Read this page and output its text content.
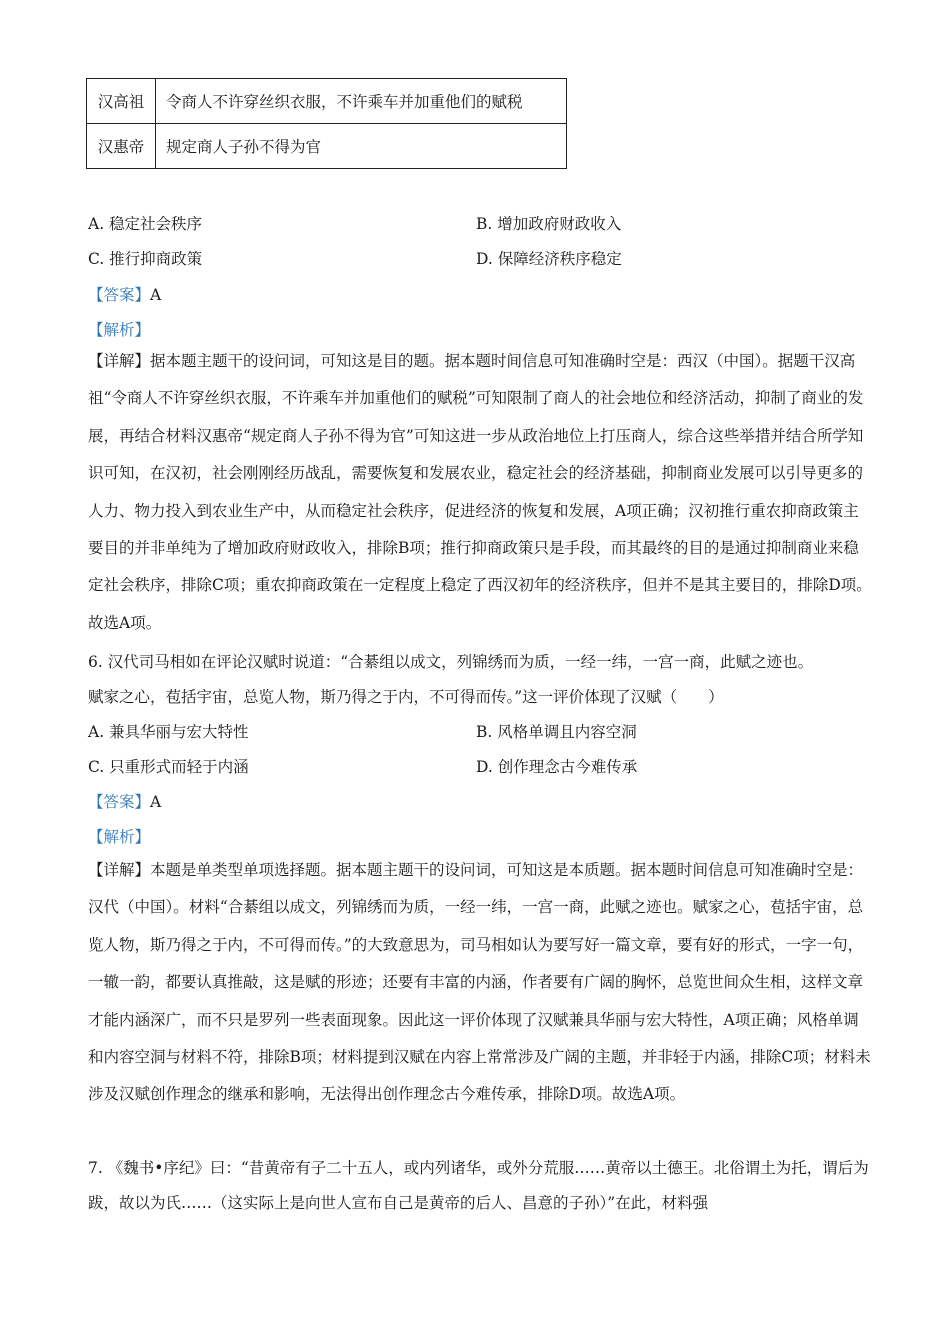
汉高祖	令商人不许穿丝织衣服，不许乘车并加重他们的赋税
汉惠帝	规定商人子孙不得为官
A. 稳定社会秩序	B. 增加政府财政收入
C. 推行抑商政策	D. 保障经济秩序稳定
【答案】A
【解析】
【详解】据本题主题干的设问词，可知这是目的题。据本题时间信息可知准确时空是：西汉（中国）。据题干汉高祖“令商人不许穿丝织衣服，不许乘车并加重他们的赋税”可知限制了商人的社会地位和经济活动，抑制了商业的发展，再结合材料汉惠帝“规定商人子孙不得为官”可知这进一步从政治地位上打压商人，综合这些举措并结合所学知识可知，在汉初，社会刚刚经历战乱，需要恢复和发展农业，稳定社会的经济基础，抑制商业发展可以引导更多的人力、物力投入到农业生产中，从而稳定社会秩序，促进经济的恢复和发展，A项正确；汉初推行重农抑商政策主要目的并非单纯为了增加政府财政收入，排除B项；推行抑商政策只是手段，而其最终的目的是通过抑制商业来稳定社会秩序，排除C项；重农抑商政策在一定程度上稳定了西汉初年的经济秩序，但并不是其主要目的，排除D项。故选A项。
6. 汉代司马相如在评论汉赋时说道：“合綦组以成文，列锦绣而为质，一经一纬，一宫一商，此赋之迹也。
赋家之心，苞括宇宙，总览人物，斯乃得之于内，不可得而传。”这一评价体现了汉赋（　　）
A. 兼具华丽与宏大特性	B. 风格单调且内容空洞
C. 只重形式而轻于内涵	D. 创作理念古今难传承
【答案】A
【解析】
【详解】本题是单类型单项选择题。据本题主题干的设问词，可知这是本质题。据本题时间信息可知准确时空是：汉代（中国）。材料“合綦组以成文，列锦绣而为质，一经一纬，一宫一商，此赋之迹也。赋家之心，苞括宇宙，总览人物，斯乃得之于内，不可得而传。”的大致意思为，司马相如认为要写好一篇文章，要有好的形式，一字一句，一辙一韵，都要认真推敲，这是赋的形迹；还要有丰富的内涵，作者要有广阔的胸怀，总览世间众生相，这样文章才能内涵深广，而不只是罗列一些表面现象。因此这一评价体现了汉赋兼具华丽与宏大特性，A项正确；风格单调和内容空洞与材料不符，排除B项；材料提到汉赋在内容上常常涉及广阔的主题，并非轻于内涵，排除C项；材料未涉及汉赋创作理念的继承和影响，无法得出创作理念古今难传承，排除D项。故选A项。
7. 《魏书•序纪》曰：“昔黄帝有子二十五人，或内列诸华，或外分荒服……黄帝以土德王。北俗谓土为托，谓后为跋，故以为氏……（这实际上是向世人宣布自己是黄帝的后人、昌意的子孙）”在此，材料强
